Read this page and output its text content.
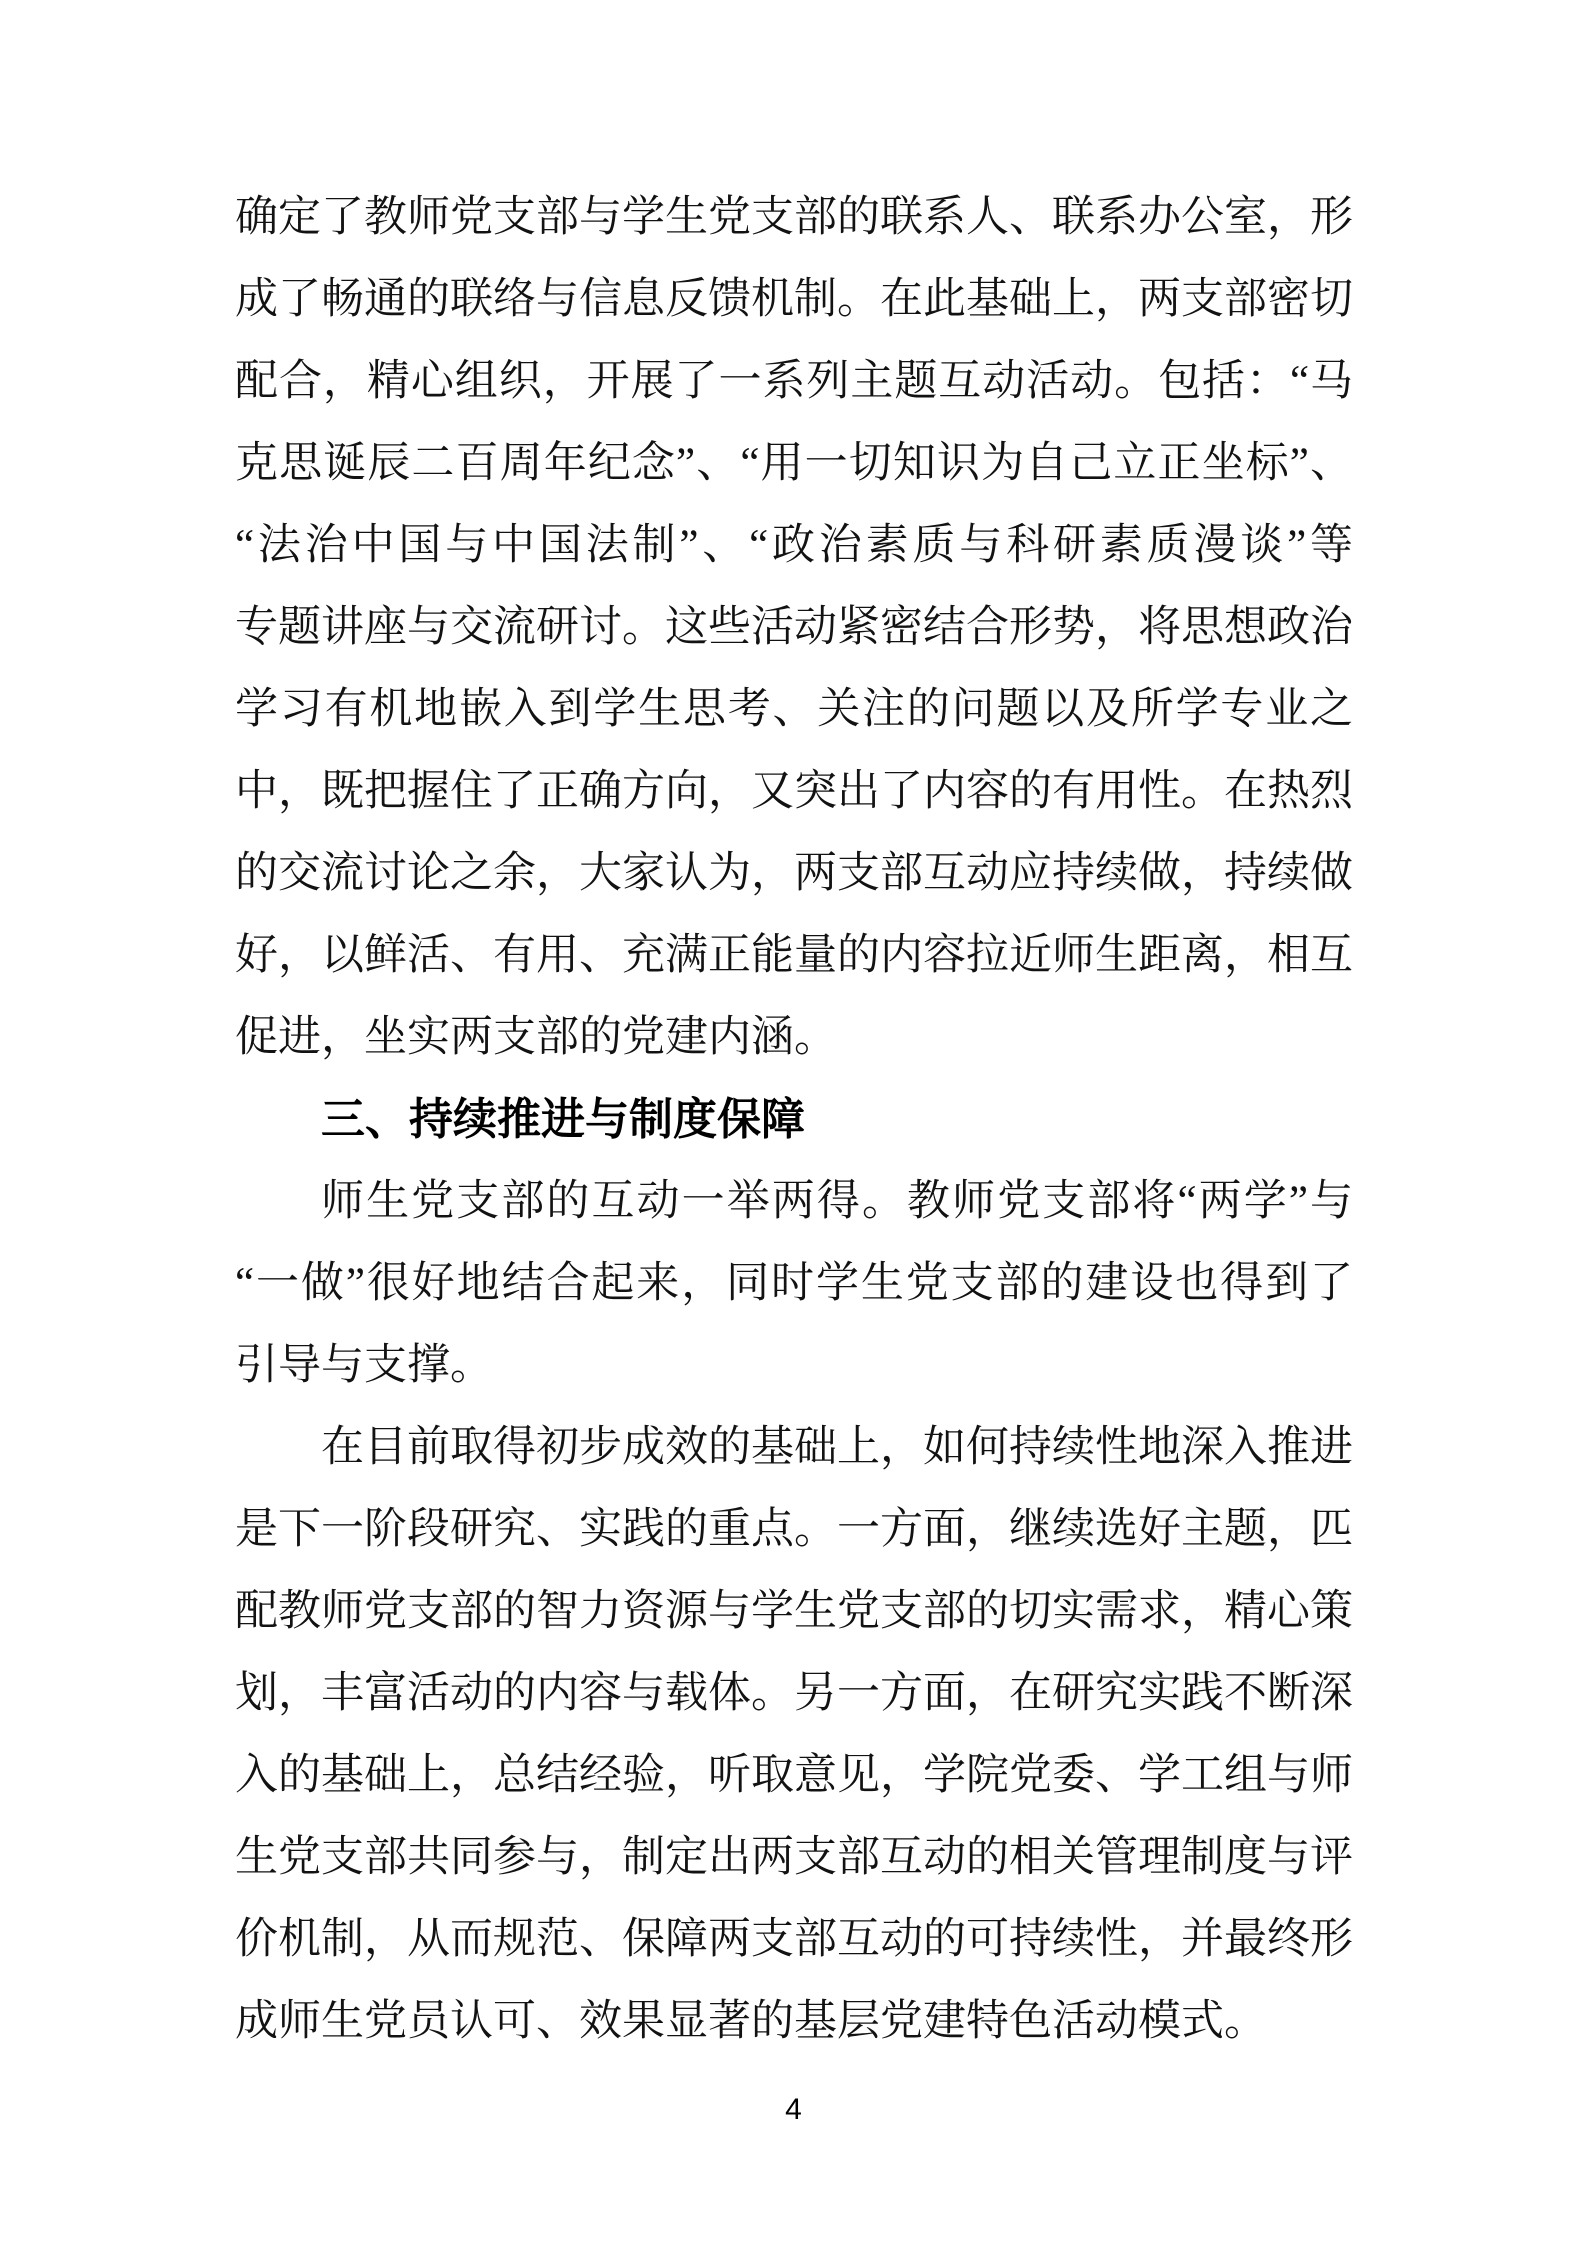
确定了教师党支部与学生党支部的联系人、联系办公室，形
成了畅通的联络与信息反馈机制。在此基础上，两支部密切
配合，精心组织，开展了一系列主题互动活动。包括：“马
克思诞辰二百周年纪念”、“用一切知识为自己立正坐标”、
“法治中国与中国法制”、“政治素质与科研素质漫谈”等
专题讲座与交流研讨。这些活动紧密结合形势，将思想政治
学习有机地嵌入到学生思考、关注的问题以及所学专业之
中，既把握住了正确方向，又突出了内容的有用性。在热烈
的交流讨论之余，大家认为，两支部互动应持续做，持续做
好，以鲜活、有用、充满正能量的内容拉近师生距离，相互
促进，坐实两支部的党建内涵。
三、持续推进与制度保障
师生党支部的互动一举两得。教师党支部将“两学”与
“一做”很好地结合起来，同时学生党支部的建设也得到了
引导与支撑。
在目前取得初步成效的基础上，如何持续性地深入推进
是下一阶段研究、实践的重点。一方面，继续选好主题，匹
配教师党支部的智力资源与学生党支部的切实需求，精心策
划，丰富活动的内容与载体。另一方面，在研究实践不断深
入的基础上，总结经验，听取意见，学院党委、学工组与师
生党支部共同参与，制定出两支部互动的相关管理制度与评
价机制，从而规范、保障两支部互动的可持续性，并最终形
成师生党员认可、效果显著的基层党建特色活动模式。
4
